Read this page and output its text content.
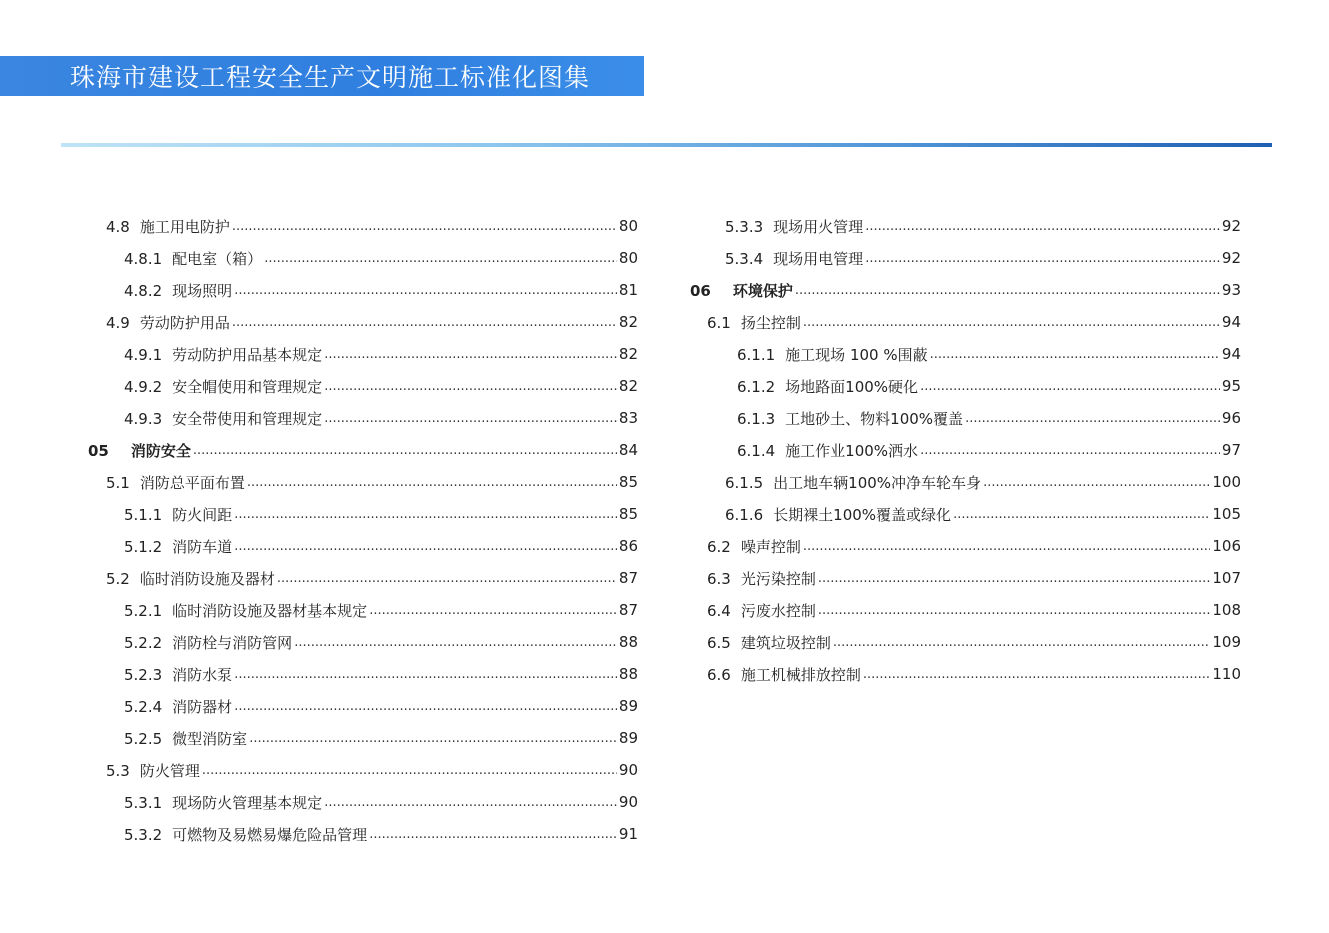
珠海市建设工程安全生产文明施工标准化图集
4.8 施工用电防护 .....	80
4.8.1 配电室（箱） .....	80
4.8.2 现场照明 .....	81
4.9 劳动防护用品 .....	82
4.9.1 劳动防护用品基本规定 .....	82
4.9.2 安全帽使用和管理规定 .....	82
4.9.3 安全带使用和管理规定 .....	83
05 消防安全 .....	84
5.1 消防总平面布置 .....	85
5.1.1 防火间距 .....	85
5.1.2 消防车道 .....	86
5.2 临时消防设施及器材 .....	87
5.2.1 临时消防设施及器材基本规定 .....	87
5.2.2 消防栓与消防管网 .....	88
5.2.3 消防水泵 .....	88
5.2.4 消防器材 .....	89
5.2.5 微型消防室 .....	89
5.3 防火管理 .....	90
5.3.1 现场防火管理基本规定 .....	90
5.3.2 可燃物及易燃易爆危险品管理 .....	91
5.3.3 现场用火管理 .....	92
5.3.4 现场用电管理 .....	92
06 环境保护 .....	93
6.1 扬尘控制 .....	94
6.1.1 施工现场 100 %围蔽 .....	94
6.1.2 场地路面100%硬化 .....	95
6.1.3 工地砂土、物料100%覆盖 .....	96
6.1.4 施工作业100%洒水 .....	97
6.1.5 出工地车辆100%冲净车轮车身 .....	100
6.1.6 长期裸土100%覆盖或绿化 .....	105
6.2 噪声控制 .....	106
6.3 光污染控制 .....	107
6.4 污废水控制 .....	108
6.5 建筑垃圾控制 .....	109
6.6 施工机械排放控制 .....	110
